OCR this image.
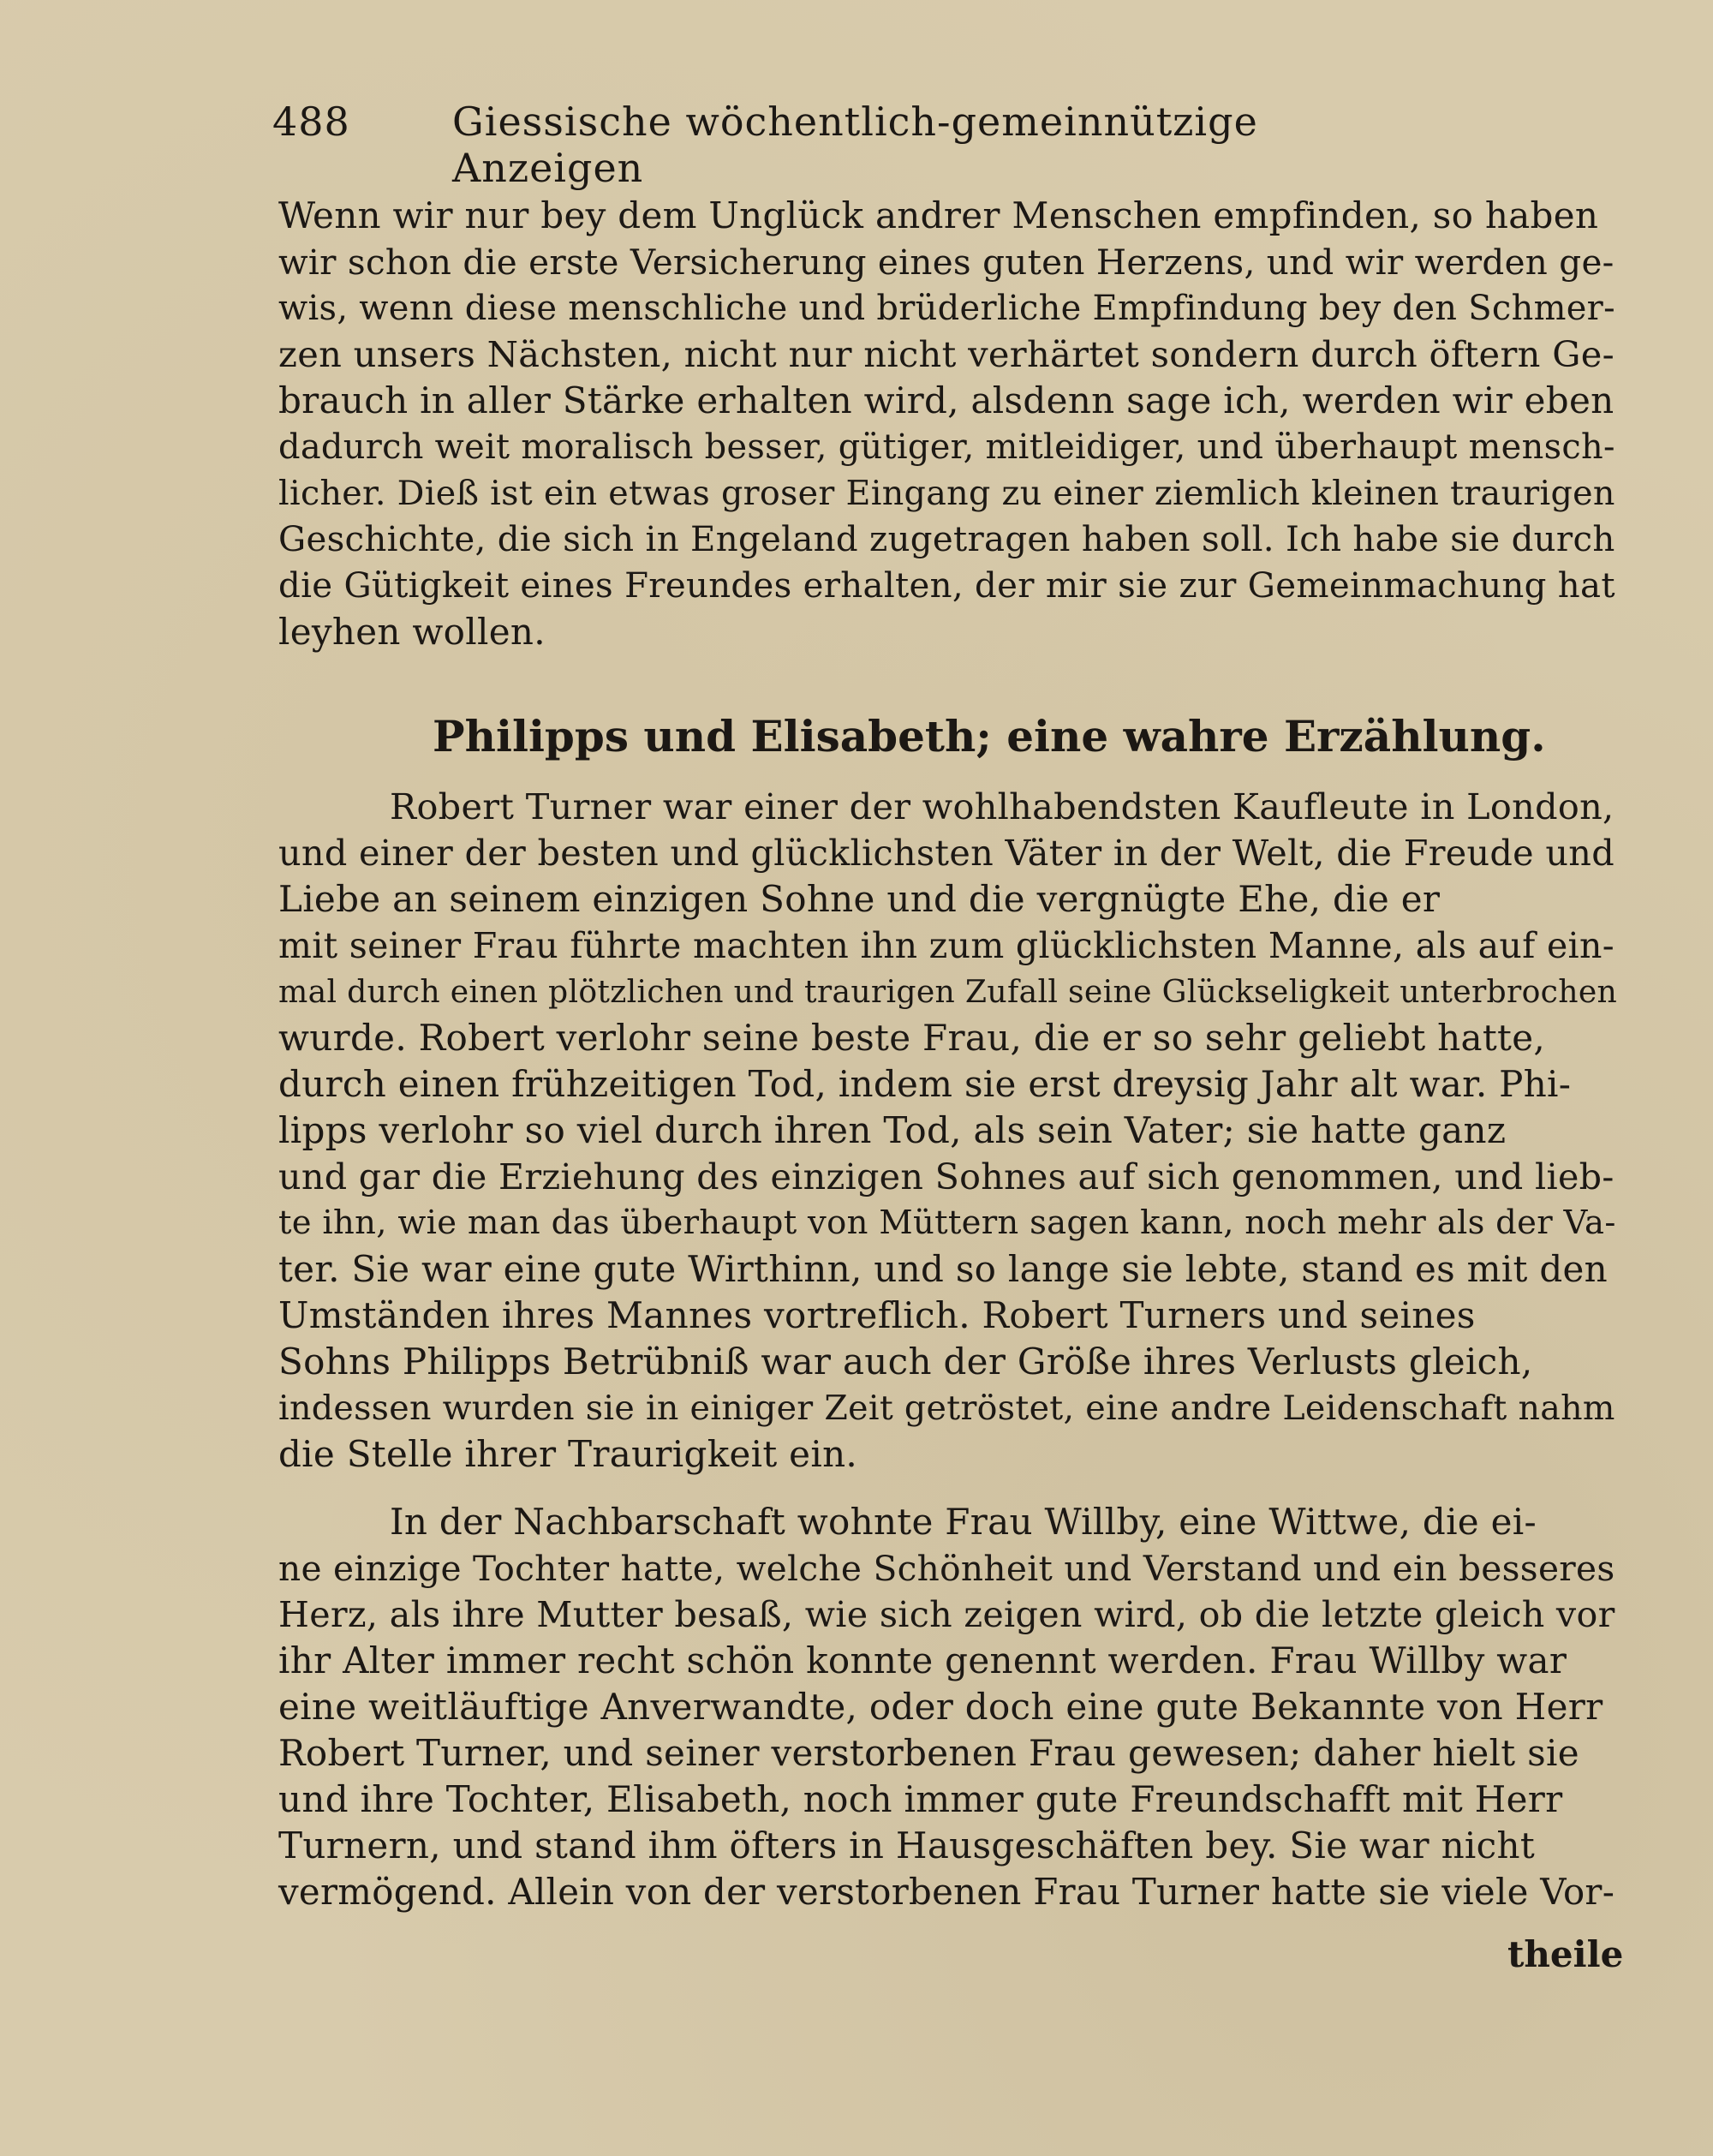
488	Giessische wöchentlich-gemeinnützige Anzeigen
Wenn wir nur bey dem Unglück andrer Menschen empfinden, so haben
wir schon die erste Versicherung eines guten Herzens, und wir werden ge-
wis, wenn diese menschliche und brüderliche Empfindung bey den Schmer-
zen unsers Nächsten, nicht nur nicht verhärtet sondern durch öftern Ge-
brauch in aller Stärke erhalten wird, alsdenn sage ich, werden wir eben
dadurch weit moralisch besser, gütiger, mitleidiger, und überhaupt mensch-
licher. Dieß ist ein etwas groser Eingang zu einer ziemlich kleinen traurigen
Geschichte, die sich in Engeland zugetragen haben soll. Ich habe sie durch
die Gütigkeit eines Freundes erhalten, der mir sie zur Gemeinmachung hat
leyhen wollen.
Philipps und Elisabeth; eine wahre Erzählung.
Robert Turner war einer der wohlhabendsten Kaufleute in London,
und einer der besten und glücklichsten Väter in der Welt, die Freude und
Liebe an seinem einzigen Sohne und die vergnügte Ehe, die er
mit seiner Frau führte machten ihn zum glücklichsten Manne, als auf ein-
mal durch einen plötzlichen und traurigen Zufall seine Glückseligkeit unterbrochen
wurde. Robert verlohr seine beste Frau, die er so sehr geliebt hatte,
durch einen frühzeitigen Tod, indem sie erst dreysig Jahr alt war. Phi-
lipps verlohr so viel durch ihren Tod, als sein Vater; sie hatte ganz
und gar die Erziehung des einzigen Sohnes auf sich genommen, und lieb-
te ihn, wie man das überhaupt von Müttern sagen kann, noch mehr als der Va-
ter. Sie war eine gute Wirthinn, und so lange sie lebte, stand es mit den
Umständen ihres Mannes vortreflich. Robert Turners und seines
Sohns Philipps Betrübniß war auch der Größe ihres Verlusts gleich,
indessen wurden sie in einiger Zeit getröstet, eine andre Leidenschaft nahm
die Stelle ihrer Traurigkeit ein.
In der Nachbarschaft wohnte Frau Willby, eine Wittwe, die ei-
ne einzige Tochter hatte, welche Schönheit und Verstand und ein besseres
Herz, als ihre Mutter besaß, wie sich zeigen wird, ob die letzte gleich vor
ihr Alter immer recht schön konnte genennt werden. Frau Willby war
eine weitläuftige Anverwandte, oder doch eine gute Bekannte von Herr
Robert Turner, und seiner verstorbenen Frau gewesen; daher hielt sie
und ihre Tochter, Elisabeth, noch immer gute Freundschafft mit Herr
Turnern, und stand ihm öfters in Hausgeschäften bey. Sie war nicht
vermögend. Allein von der verstorbenen Frau Turner hatte sie viele Vor-
theile
